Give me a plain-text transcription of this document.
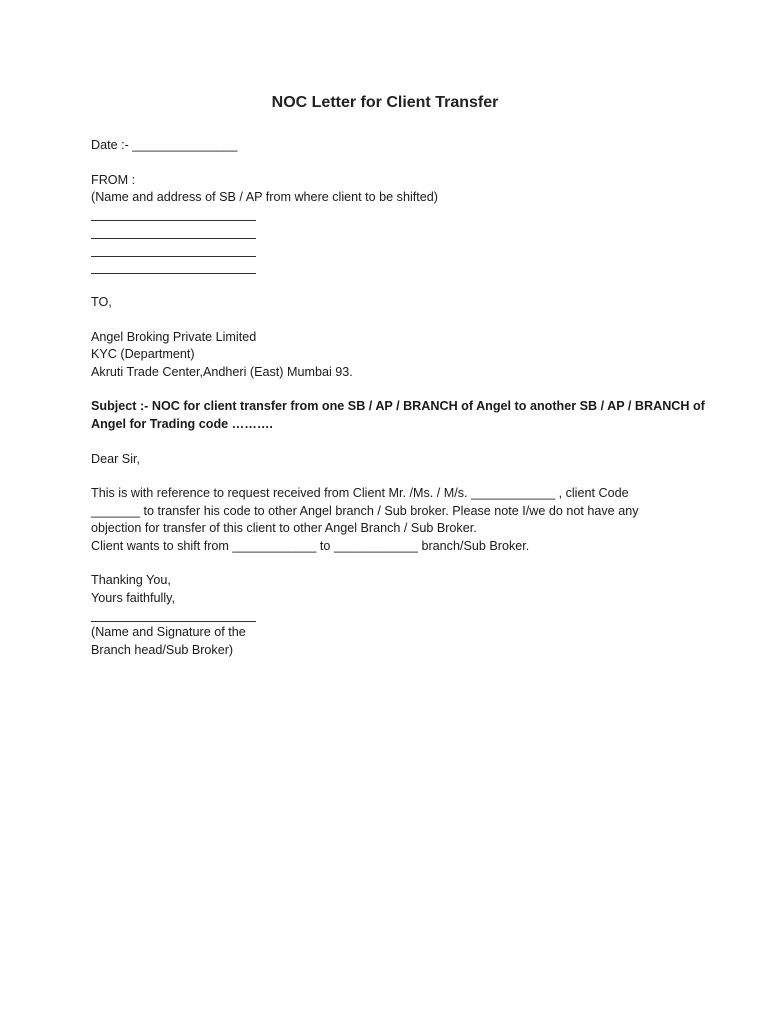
NOC Letter for Client Transfer
Date :- _______________
FROM :
(Name and address of SB / AP from where client to be shifted)
TO,
Angel Broking Private Limited
KYC (Department)
Akruti Trade Center,Andheri (East) Mumbai 93.
Subject :- NOC for client transfer from one SB / AP / BRANCH of Angel to another SB / AP / BRANCH of
Angel for Trading code ……….
Dear Sir,
This is with reference to request received from Client Mr. /Ms. / M/s. ____________ , client Code
_______ to transfer his code to other Angel branch / Sub broker. Please note I/we do not have any
objection for transfer of this client to other Angel Branch / Sub Broker.
Client wants to shift from ____________ to ____________ branch/Sub Broker.
Thanking You,
Yours faithfully,
(Name and Signature of the
Branch head/Sub Broker)
